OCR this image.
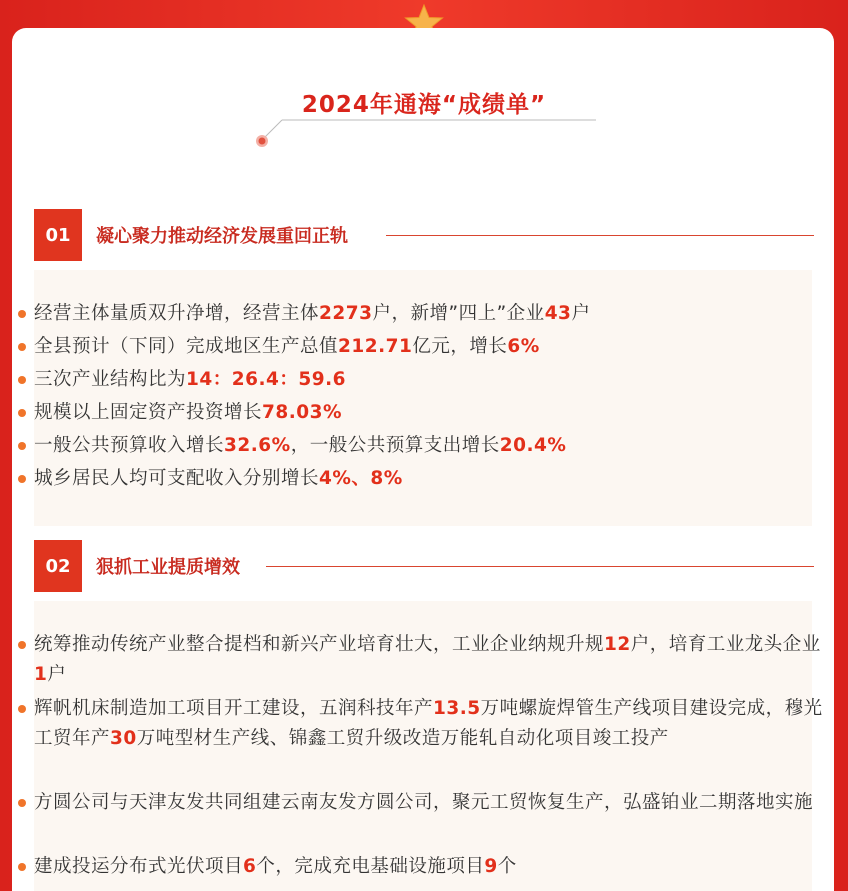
2024年通海“成绩单”
01	凝心聚力推动经济发展重回正轨
经营主体量质双升净增，经营主体2273户，新增”四上”企业43户
全县预计（下同）完成地区生产总值212.71亿元，增长6%
三次产业结构比为14：26.4：59.6
规模以上固定资产投资增长78.03%
一般公共预算收入增长32.6%，一般公共预算支出增长20.4%
城乡居民人均可支配收入分别增长4%、8%
02	狠抓工业提质增效
统筹推动传统产业整合提档和新兴产业培育壮大，工业企业纳规升规12户，培育工业龙头企业1户
辉帆机床制造加工项目开工建设，五润科技年产13.5万吨螺旋焊管生产线项目建设完成，穆光工贸年产30万吨型材生产线、锦鑫工贸升级改造万能轧自动化项目竣工投产
方圆公司与天津友发共同组建云南友发方圆公司，聚元工贸恢复生产，弘盛铂业二期落地实施
建成投运分布式光伏项目6个，完成充电基础设施项目9个
